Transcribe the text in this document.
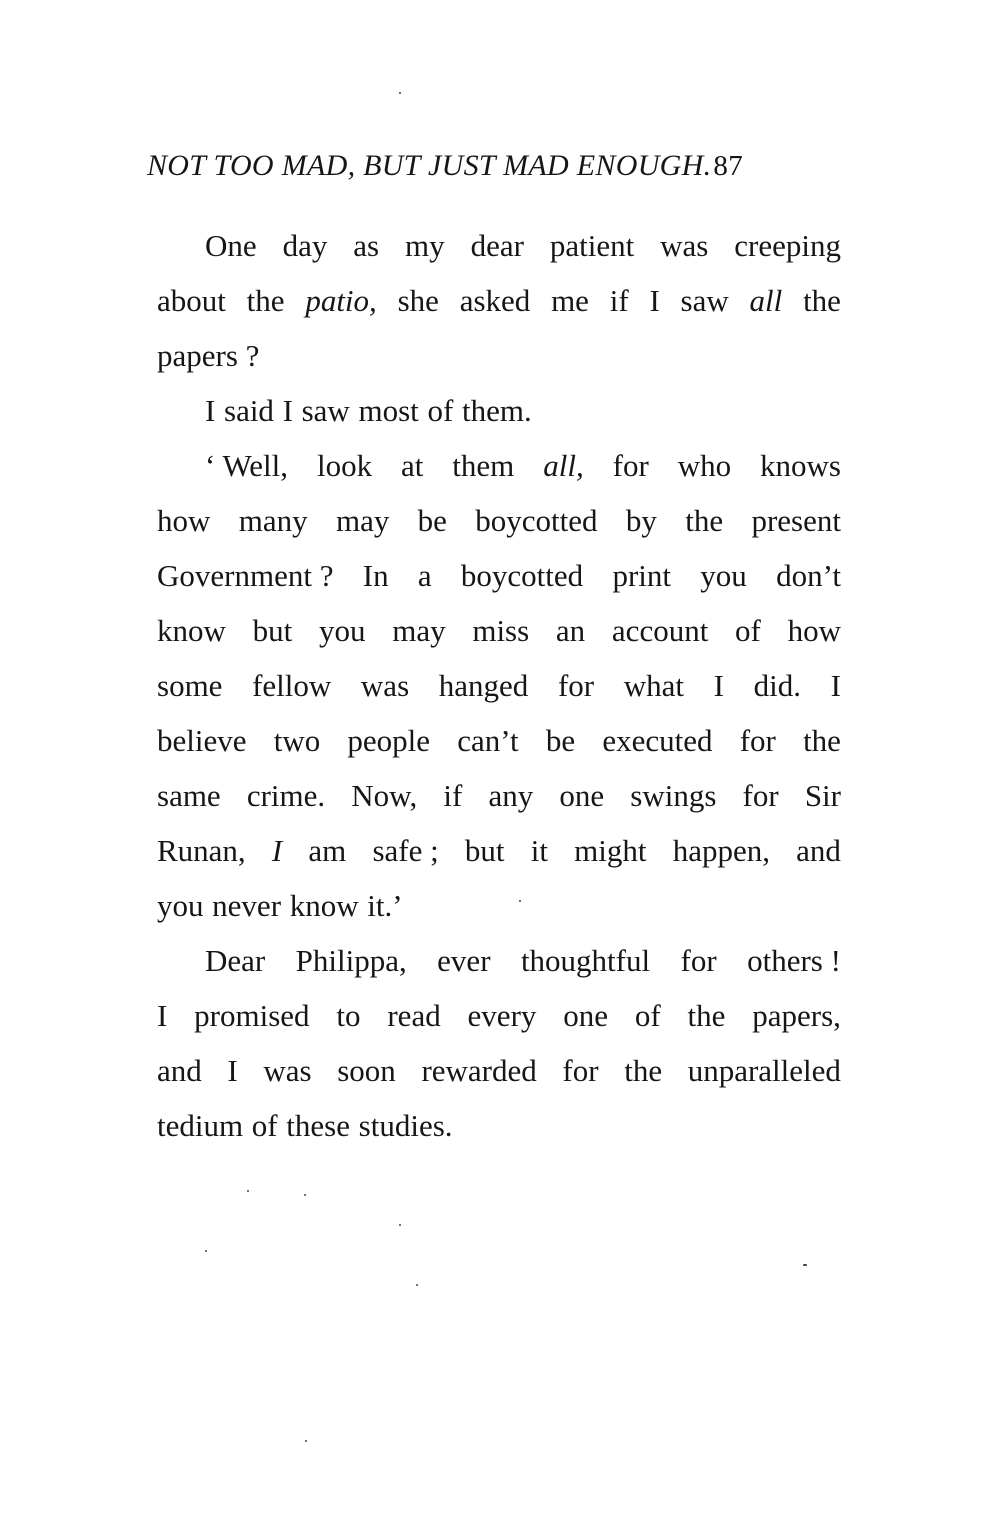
NOT TOO MAD, BUT JUST MAD ENOUGH.87
One day as my dear patient was creeping
about the patio, she asked me if I saw all the
papers ?
I said I saw most of them.
‘ Well, look at them all, for who knows
how many may be boycotted by the present
Government ? In a boycotted print you don’t
know but you may miss an account of how
some fellow was hanged for what I did. I
believe two people can’t be executed for the
same crime. Now, if any one swings for Sir
Runan, I am safe ; but it might happen, and
you never know it.’
Dear Philippa, ever thoughtful for others !
I promised to read every one of the papers,
and I was soon rewarded for the unparalleled
tedium of these studies.
